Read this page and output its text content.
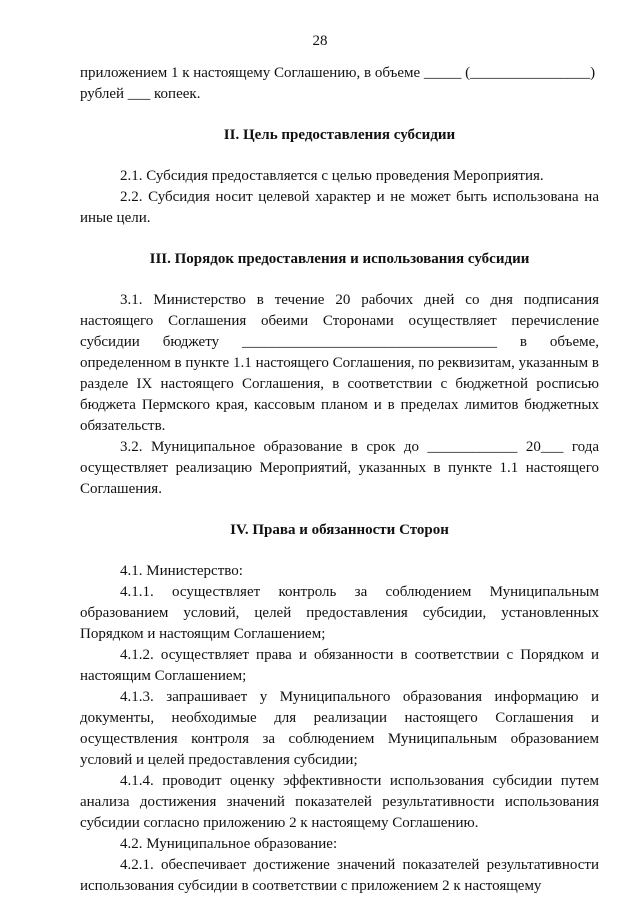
28

приложением 1 к настоящему Соглашению, в объеме _____ (________________)

рублей ___ копеек.

II. Цель предоставления субсидии

2.1. Субсидия предоставляется с целью проведения Мероприятия.

2.2. Субсидия носит целевой характер и не может быть использована на иные цели.

III. Порядок предоставления и использования субсидии

3.1. Министерство в течение 20 рабочих дней со дня подписания настоящего Соглашения обеими Сторонами осуществляет перечисление субсидии бюджету __________________________________ в объеме, определенном в пункте 1.1 настоящего Соглашения, по реквизитам, указанным в разделе IX настоящего Соглашения, в соответствии с бюджетной росписью бюджета Пермского края, кассовым планом и в пределах лимитов бюджетных обязательств.

3.2. Муниципальное образование в срок до ____________ 20___ года осуществляет реализацию Мероприятий, указанных в пункте 1.1 настоящего Соглашения.

IV. Права и обязанности Сторон

4.1. Министерство:

4.1.1. осуществляет контроль за соблюдением Муниципальным образованием условий, целей предоставления субсидии, установленных Порядком и настоящим Соглашением;

4.1.2. осуществляет права и обязанности в соответствии с Порядком и настоящим Соглашением;

4.1.3. запрашивает у Муниципального образования информацию и документы, необходимые для реализации настоящего Соглашения и осуществления контроля за соблюдением Муниципальным образованием условий и целей предоставления субсидии;

4.1.4. проводит оценку эффективности использования субсидии путем анализа достижения значений показателей результативности использования субсидии согласно приложению 2 к настоящему Соглашению.

4.2. Муниципальное образование:

4.2.1. обеспечивает достижение значений показателей результативности использования субсидии в соответствии с приложением 2 к настоящему
